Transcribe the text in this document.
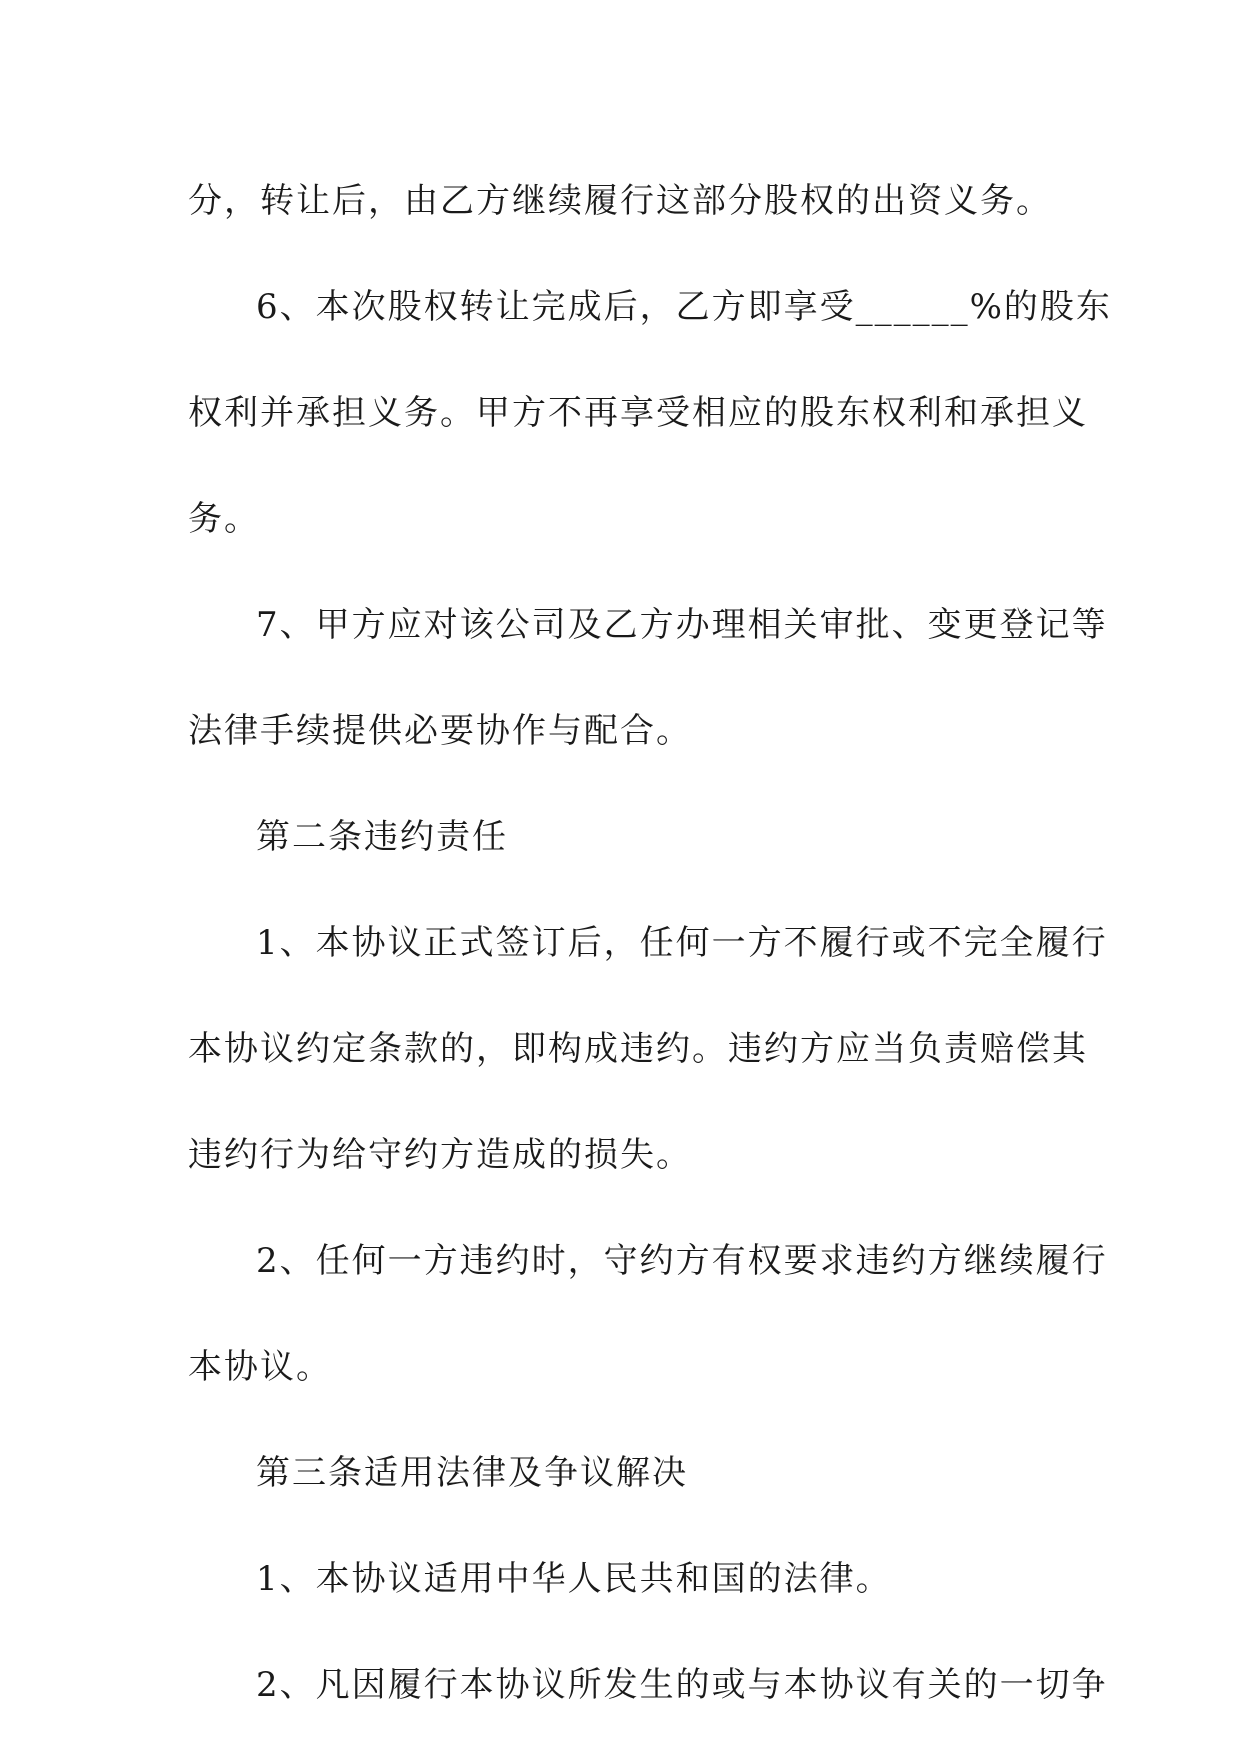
分，转让后，由乙方继续履行这部分股权的出资义务。

6、本次股权转让完成后，乙方即享受______%的股东

权利并承担义务。甲方不再享受相应的股东权利和承担义

务。

7、甲方应对该公司及乙方办理相关审批、变更登记等

法律手续提供必要协作与配合。

第二条违约责任

1、本协议正式签订后，任何一方不履行或不完全履行

本协议约定条款的，即构成违约。违约方应当负责赔偿其

违约行为给守约方造成的损失。

2、任何一方违约时，守约方有权要求违约方继续履行

本协议。

第三条适用法律及争议解决

1、本协议适用中华人民共和国的法律。

2、凡因履行本协议所发生的或与本协议有关的一切争
